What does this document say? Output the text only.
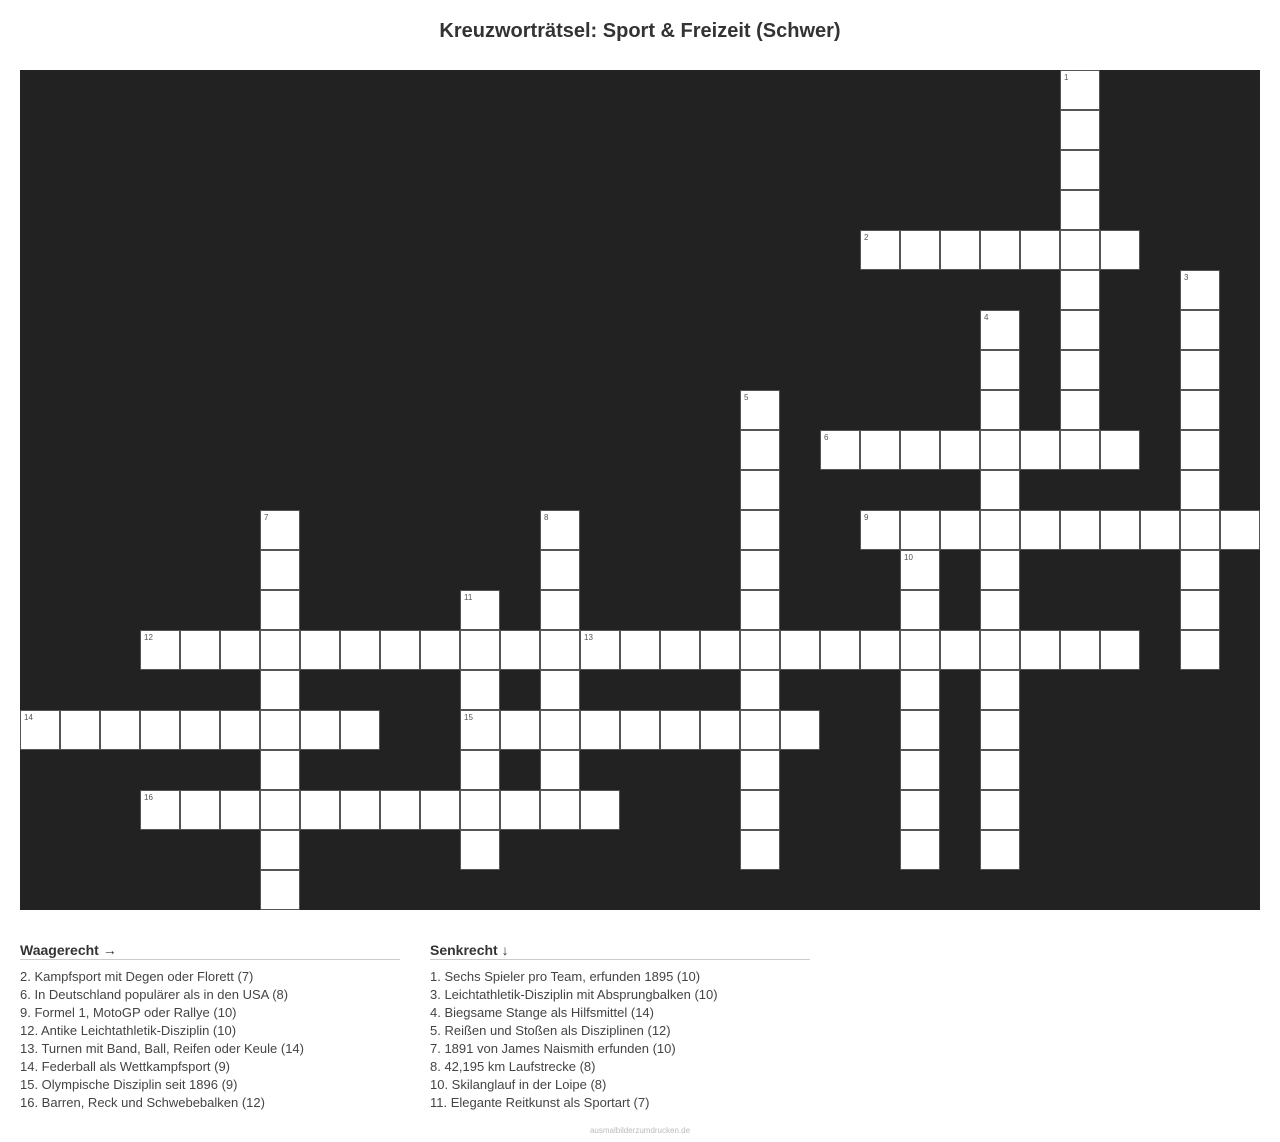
Kreuzworträtsel: Sport & Freizeit (Schwer)
1
2
3
4
5
6
7	8	9
10
11
15
12	13
14
16
Waagerecht →
2. Kampfsport mit Degen oder Florett (7)
6. In Deutschland populärer als in den USA (8)
9. Formel 1, MotoGP oder Rallye (10)
12. Antike Leichtathletik-Disziplin (10)
13. Turnen mit Band, Ball, Reifen oder Keule (14)
14. Federball als Wettkampfsport (9)
15. Olympische Disziplin seit 1896 (9)
16. Barren, Reck und Schwebebalken (12)
Senkrecht ↓
1. Sechs Spieler pro Team, erfunden 1895 (10)
3. Leichtathletik-Disziplin mit Absprungbalken (10)
4. Biegsame Stange als Hilfsmittel (14)
5. Reißen und Stoßen als Disziplinen (12)
7. 1891 von James Naismith erfunden (10)
8. 42,195 km Laufstrecke (8)
10. Skilanglauf in der Loipe (8)
11. Elegante Reitkunst als Sportart (7)
ausmalbilderzumdrucken.de
